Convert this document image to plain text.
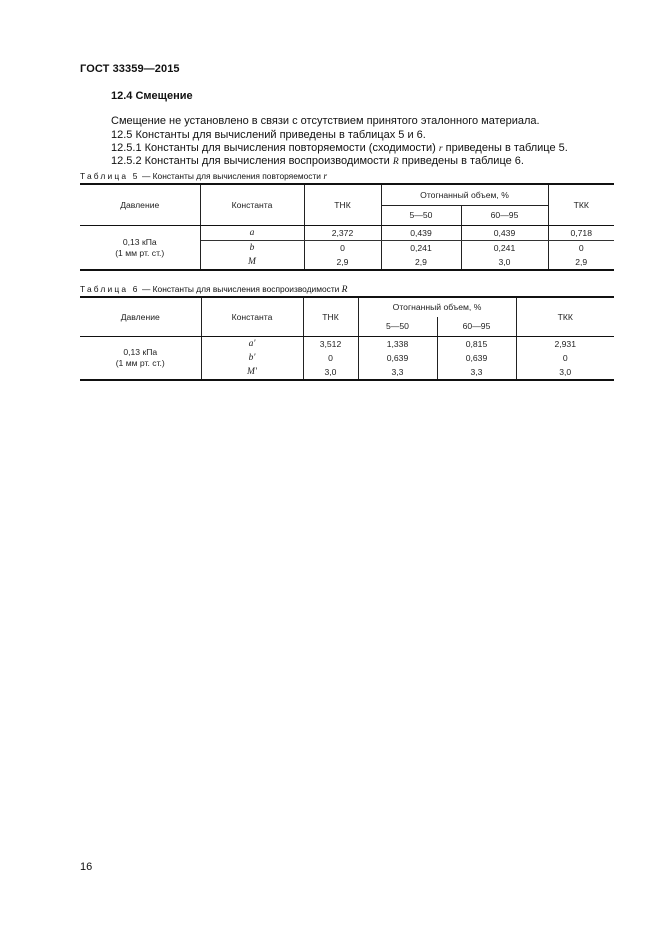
ГОСТ 33359—2015
12.4 Смещение
Смещение не установлено в связи с отсутствием принятого эталонного материала.
12.5 Константы для вычислений приведены в таблицах 5 и 6.
12.5.1 Константы для вычисления повторяемости (сходимости) r приведены в таблице 5.
12.5.2 Константы для вычисления воспроизводимости R приведены в таблице 6.
Таблица 5 — Константы для вычисления повторяемости r
Давление	Константа	ТНК	Отогнанный объем, %		ТКК
			5—50	60—95	

0,13 кПа
(1 мм рт. ст.)	a	2,372	0,439	0,439	0,718
	b	0	0,241	0,241	0
	M	2,9	2,9	3,0	2,9
Таблица 6 — Константы для вычисления воспроизводимости R
Давление	Константа	ТНК	Отогнанный объем, %		ТКК
			5—50	60—95	

0,13 кПа
(1 мм рт. ст.)	a'	3,512	1,338	0,815	2,931
	b'	0	0,639	0,639	0
	M'	3,0	3,3	3,3	3,0
16
